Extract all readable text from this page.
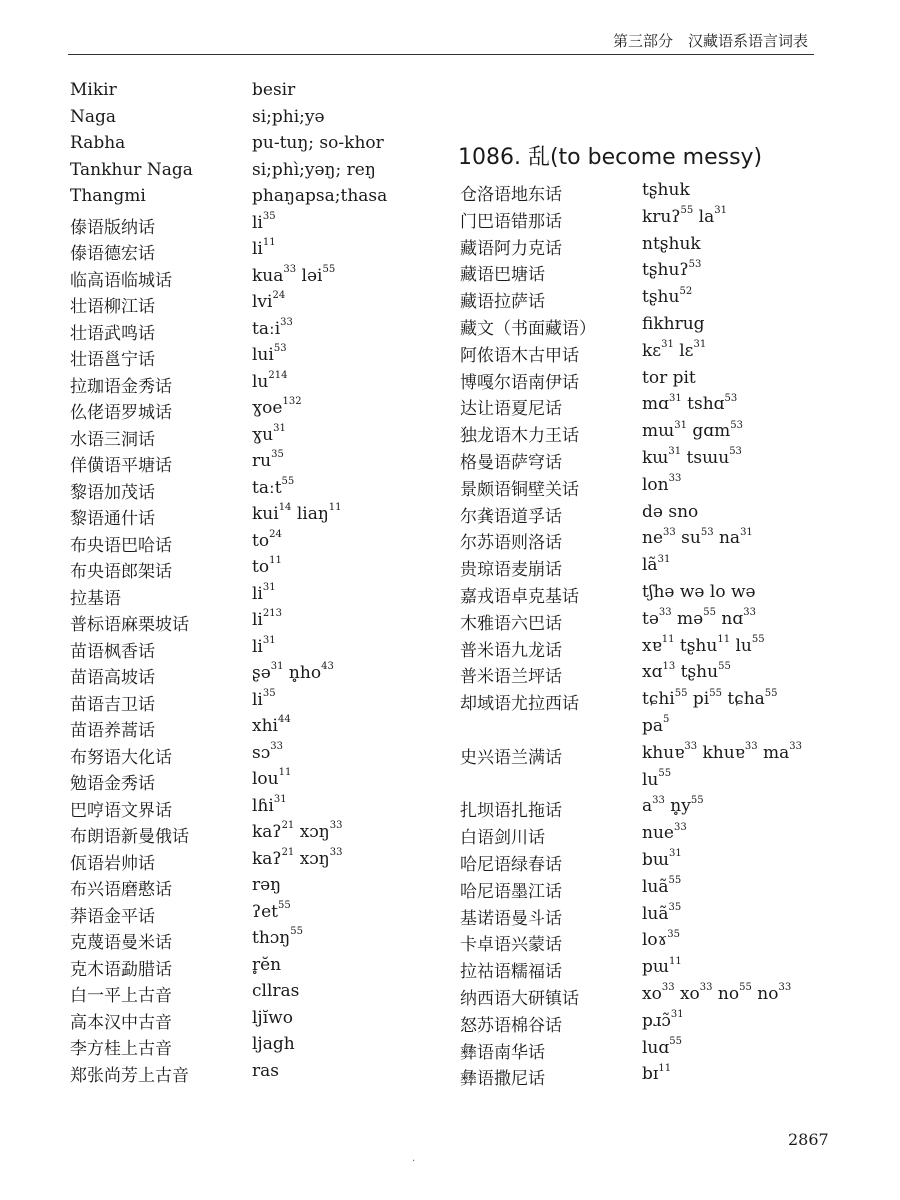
第三部分　汉藏语系语言词表
Mikir	besir
Naga	si;phi;yə
Rabha	pu-tuŋ; so-khor
Tankhur Naga	si;phì;yəŋ; reŋ
Thangmi	phaŋapsa;thasa
傣语版纳话	$li^{35}$
傣语德宏话	$li^{11}$
临高语临城话	kua$^{33}$ ləi$^{55}$
壮语柳江话	lvi$^{24}$
壮语武鸣话	taːi$^{33}$
壮语邕宁话	lui$^{53}$
拉珈语金秀话	$lu^{214}$
仫佬语罗城话	ɣoe$^{132}$
水语三洞话	ɣu$^{31}$
佯僙语平塘话	$ru^{35}$
黎语加茂话	taːt$^{55}$
黎语通什话	kui$^{14}$ liaŋ$^{11}$
布央语巴哈话	$to^{24}$
布央语郎架话	$to^{11}$
拉基语	$li^{31}$
普标语麻栗坡话	$li^{213}$
苗语枫香话	$li^{31}$
苗语高坡话	ʂə$^{31}$ $n̥ho^{43}$
苗语吉卫话	$li^{35}$
苗语养蒿话	xhi$^{44}$
布努语大化话	sɔ$^{33}$
勉语金秀话	lou$^{11}$
巴哼语文界话	lɦi$^{31}$
布朗语新曼俄话	kaʔ$^{21}$ xɔŋ$^{33}$
佤语岩帅话	kaʔ$^{21}$ xɔŋ$^{33}$
布兴语磨憨话	rəŋ
莽语金平话	ʔet$^{55}$
克蔑语曼米话	thɔŋ$^{55}$
克木语勐腊话	r̥ĕn
白一平上古音	cllras
高本汉中古音	ljĭwo
李方桂上古音	ljagh
郑张尚芳上古音	ras
1086. 乱(to become messy)
仓洛语地东话	tʂhuk
门巴语错那话	kruʔ$^{55}$ $la^{31}$
藏语阿力克话	ntʂhuk
藏语巴塘话	tʂhuʔ$^{53}$
藏语拉萨话	tʂhu$^{52}$
藏文（书面藏语）	fikhrug
阿侬语木古甲话	kɛ$^{31}$ lɛ$^{31}$
博嘎尔语南伊话	tor pit
达让语夏尼话	mɑ$^{31}$ tshɑ$^{53}$
独龙语木力王话	mɯ$^{31}$ gɑm$^{53}$
格曼语萨穹话	kɯ$^{31}$ tsɯu$^{53}$
景颇语铜壁关话	lon$^{33}$
尔龚语道孚话	də sno
尔苏语则洛话	$ne^{33}$ $su^{53}$ $na^{31}$
贵琼语麦崩话	$lã^{31}$
嘉戎语卓克基话	tʃhə wə lo wə
木雅语六巴话	tə$^{33}$ mə$^{55}$ nɑ$^{33}$
普米语九龙话	xɐ$^{11}$ tʂhu$^{11}$ $lu^{55}$
普米语兰坪话	xɑ$^{13}$ tʂhu$^{55}$
却域语尤拉西话	tɕhi$^{55}$ $pi^{55}$ tɕha$^{55}$
$pa^5$
史兴语兰满话	khuɐ$^{33}$ khuɐ$^{33}$ $ma^{33}$
$lu^{55}$
扎坝语扎拖话	$a^{33}$ $n̥y^{55}$
白语剑川话	nue$^{33}$
哈尼语绿春话	bɯ$^{31}$
哈尼语墨江话	luã$^{55}$
基诺语曼斗话	luã$^{35}$
卡卓语兴蒙话	loɤ$^{35}$
拉祜语糯福话	pɯ$^{11}$
纳西语大研镇话	$xo^{33}$ $xo^{33}$ $no^{55}$ $no^{33}$
怒苏语棉谷话	pɹɔ̃$^{31}$
彝语南华话	luɑ$^{55}$
彝语撒尼话	bɪ$^{11}$
2867
·
